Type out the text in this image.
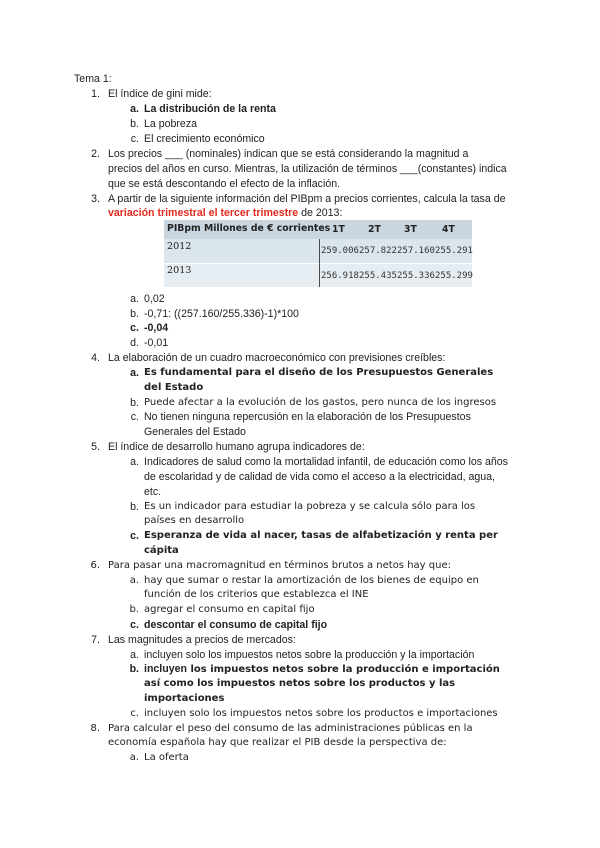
Tema 1:
1. El índice de gini mide:
a. La distribución de la renta
b. La pobreza
c. El crecimiento económico
2. Los precios ___ (nominales) indican que se está considerando la magnitud a
precios del años en curso. Mientras, la utilización de términos ___(constantes) indica
que se está descontando el efecto de la inflación.
3. A partir de la siguiente información del PIBpm a precios corrientes, calcula la tasa de
variación trimestral el tercer trimestre de 2013:
PIBpm Millones de € corrientes 1T 2T 3T	4T
2012	259.006 257.822 257.160 255.291
2013	256.918 255.435 255.336 255.299
a. 0,02
b. -0,71: ((257.160/255.336)-1)*100
c. -0,04
d. -0,01
4. La elaboración de un cuadro macroeconómico con previsiones creíbles:
a. Es fundamental para el diseño de los Presupuestos Generales
del Estado
b. Puede afectar a la evolución de los gastos, pero nunca de los ingresos
c. No tienen ninguna repercusión en la elaboración de los Presupuestos
Generales del Estado
5. El índice de desarrollo humano agrupa indicadores de:
a. Indicadores de salud como la mortalidad infantil, de educación como los años
de escolaridad y de calidad de vida como el acceso a la electricidad, agua,
etc.
b. Es un indicador para estudiar la pobreza y se calcula sólo para los
países en desarrollo
c. Esperanza de vida al nacer, tasas de alfabetización y renta per
cápita
6. Para pasar una macromagnitud en términos brutos a netos hay que:
a. hay que sumar o restar la amortización de los bienes de equipo en
función de los criterios que establezca el INE
b. agregar el consumo en capital fijo
c. descontar el consumo de capital fijo
7. Las magnitudes a precios de mercados:
a. incluyen solo los impuestos netos sobre la producción y la importación
b. incluyen los impuestos netos sobre la producción e importación
así como los impuestos netos sobre los productos y las
importaciones
c. incluyen solo los impuestos netos sobre los productos e importaciones
8. Para calcular el peso del consumo de las administraciones públicas en la
economía española hay que realizar el PIB desde la perspectiva de:
a. La oferta
